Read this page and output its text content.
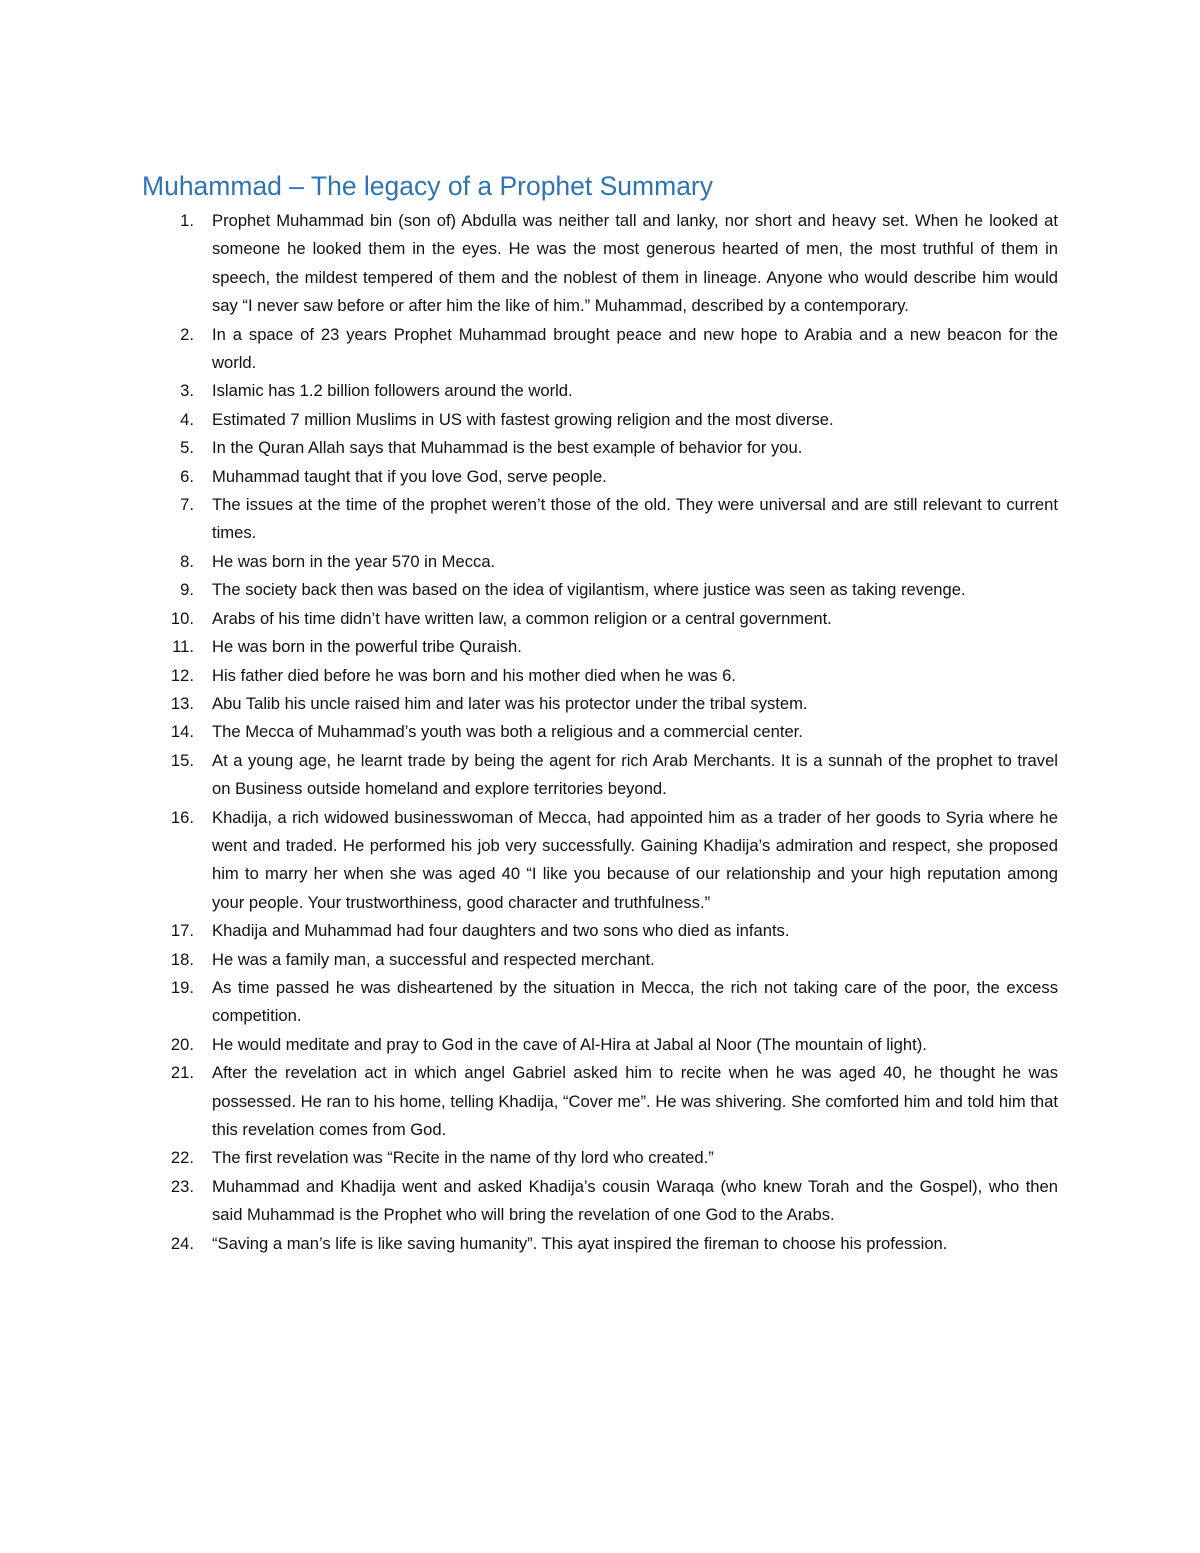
Muhammad – The legacy of a Prophet Summary
1. Prophet Muhammad bin (son of) Abdulla was neither tall and lanky, nor short and heavy set. When he looked at someone he looked them in the eyes. He was the most generous hearted of men, the most truthful of them in speech, the mildest tempered of them and the noblest of them in lineage. Anyone who would describe him would say “I never saw before or after him the like of him.” Muhammad, described by a contemporary.
2. In a space of 23 years Prophet Muhammad brought peace and new hope to Arabia and a new beacon for the world.
3. Islamic has 1.2 billion followers around the world.
4. Estimated 7 million Muslims in US with fastest growing religion and the most diverse.
5. In the Quran Allah says that Muhammad is the best example of behavior for you.
6. Muhammad taught that if you love God, serve people.
7. The issues at the time of the prophet weren’t those of the old. They were universal and are still relevant to current times.
8. He was born in the year 570 in Mecca.
9. The society back then was based on the idea of vigilantism, where justice was seen as taking revenge.
10. Arabs of his time didn’t have written law, a common religion or a central government.
11. He was born in the powerful tribe Quraish.
12. His father died before he was born and his mother died when he was 6.
13. Abu Talib his uncle raised him and later was his protector under the tribal system.
14. The Mecca of Muhammad’s youth was both a religious and a commercial center.
15. At a young age, he learnt trade by being the agent for rich Arab Merchants. It is a sunnah of the prophet to travel on Business outside homeland and explore territories beyond.
16. Khadija, a rich widowed businesswoman of Mecca, had appointed him as a trader of her goods to Syria where he went and traded. He performed his job very successfully. Gaining Khadija’s admiration and respect, she proposed him to marry her when she was aged 40 “I like you because of our relationship and your high reputation among your people. Your trustworthiness, good character and truthfulness.”
17. Khadija and Muhammad had four daughters and two sons who died as infants.
18. He was a family man, a successful and respected merchant.
19. As time passed he was disheartened by the situation in Mecca, the rich not taking care of the poor, the excess competition.
20. He would meditate and pray to God in the cave of Al-Hira at Jabal al Noor (The mountain of light).
21. After the revelation act in which angel Gabriel asked him to recite when he was aged 40, he thought he was possessed. He ran to his home, telling Khadija, “Cover me”. He was shivering. She comforted him and told him that this revelation comes from God.
22. The first revelation was “Recite in the name of thy lord who created.”
23. Muhammad and Khadija went and asked Khadija’s cousin Waraqa (who knew Torah and the Gospel), who then said Muhammad is the Prophet who will bring the revelation of one God to the Arabs.
24. “Saving a man’s life is like saving humanity”. This ayat inspired the fireman to choose his profession.
